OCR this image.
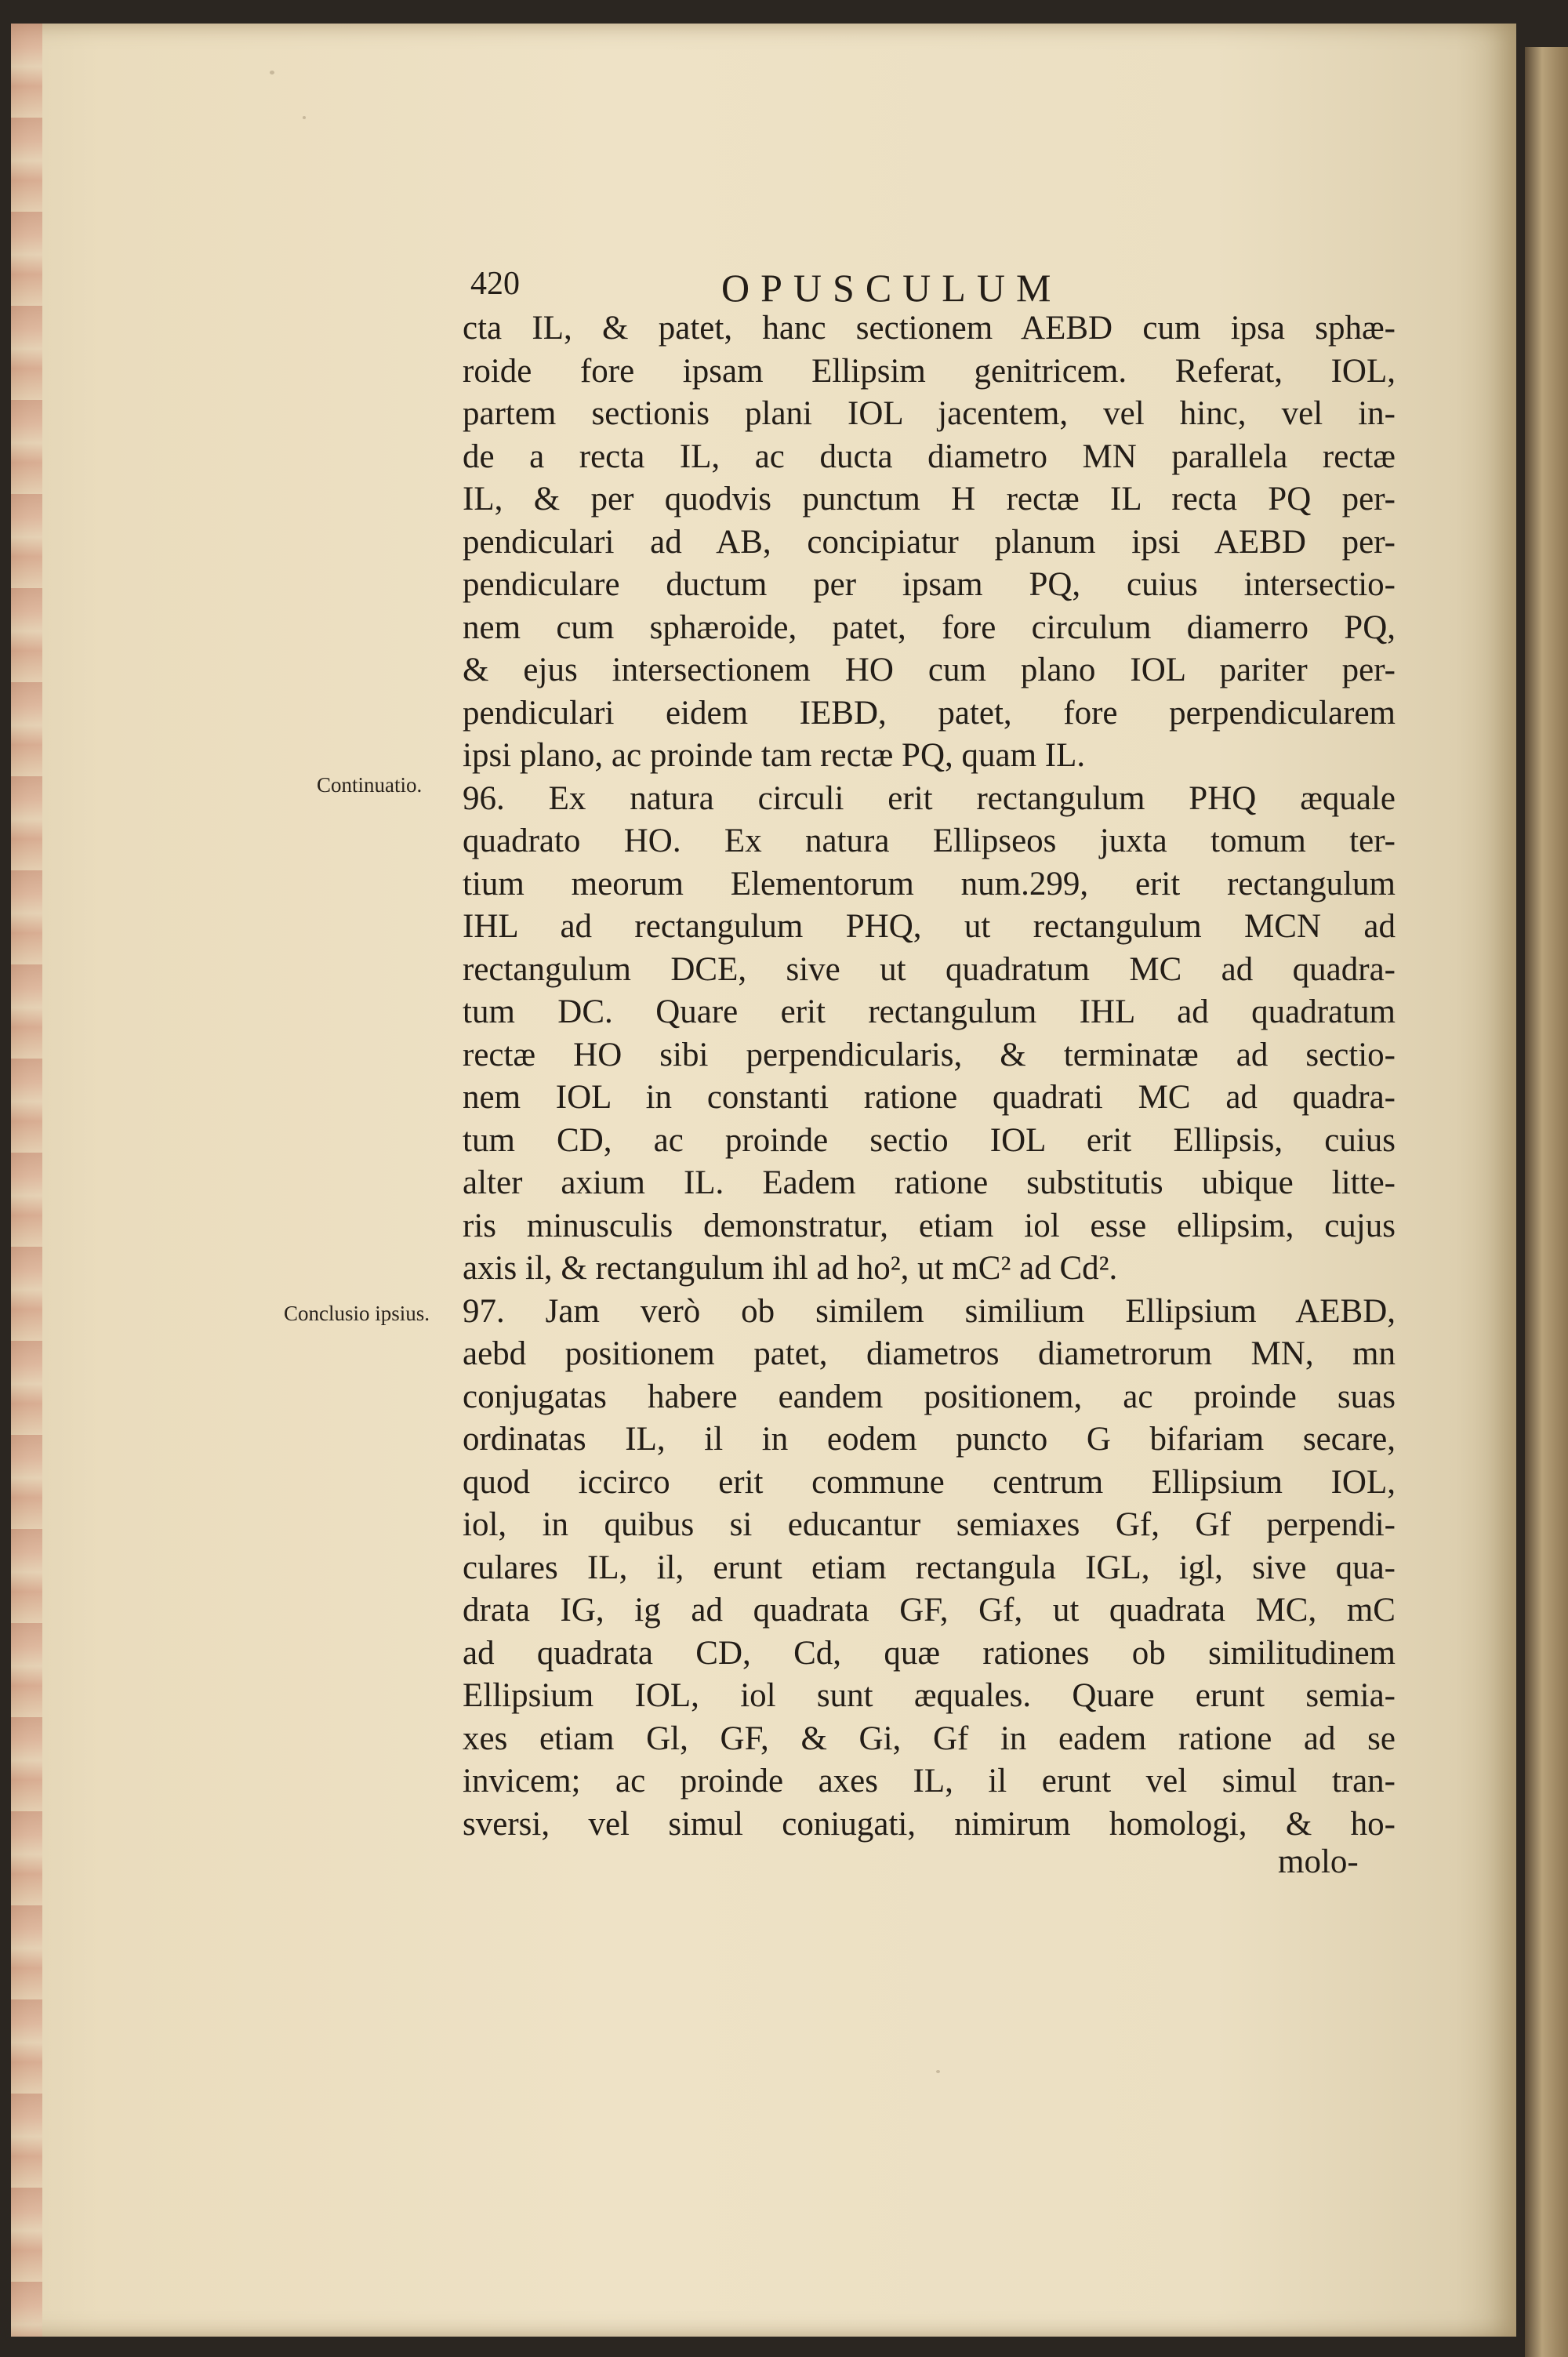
420	OPUSCULUM
Continuatio.
Conclusio ipsius.
cta IL, & patet, hanc sectionem AEBD cum ipsa sphæ-
roide fore ipsam Ellipsim genitricem. Referat, IOL,
partem sectionis plani IOL jacentem, vel hinc, vel in-
de a recta IL, ac ducta diametro MN parallela rectæ
IL, & per quodvis punctum H rectæ IL recta PQ per-
pendiculari ad AB, concipiatur planum ipsi AEBD per-
pendiculare ductum per ipsam PQ, cuius intersectio-
nem cum sphæroide, patet, fore circulum diamerro PQ,
& ejus intersectionem HO cum plano IOL pariter per-
pendiculari eidem IEBD, patet, fore perpendicularem
ipsi plano, ac proinde tam rectæ PQ, quam IL.
96. Ex natura circuli erit rectangulum PHQ æquale
quadrato HO. Ex natura Ellipseos juxta tomum ter-
tium meorum Elementorum num.299, erit rectangulum
IHL ad rectangulum PHQ, ut rectangulum MCN ad
rectangulum DCE, sive ut quadratum MC ad quadra-
tum DC. Quare erit rectangulum IHL ad quadratum
rectæ HO sibi perpendicularis, & terminatæ ad sectio-
nem IOL in constanti ratione quadrati MC ad quadra-
tum CD, ac proinde sectio IOL erit Ellipsis, cuius
alter axium IL. Eadem ratione substitutis ubique litte-
ris minusculis demonstratur, etiam iol esse ellipsim, cujus
axis il, & rectangulum ihl ad ho², ut mC² ad Cd².
97. Jam verò ob similem similium Ellipsium AEBD,
aebd positionem patet, diametros diametrorum MN, mn
conjugatas habere eandem positionem, ac proinde suas
ordinatas IL, il in eodem puncto G bifariam secare,
quod iccirco erit commune centrum Ellipsium IOL,
iol, in quibus si educantur semiaxes Gf, Gf perpendi-
culares IL, il, erunt etiam rectangula IGL, igl, sive qua-
drata IG, ig ad quadrata GF, Gf, ut quadrata MC, mC
ad quadrata CD, Cd, quæ rationes ob similitudinem
Ellipsium IOL, iol sunt æquales. Quare erunt semia-
xes etiam Gl, GF, & Gi, Gf in eadem ratione ad se
invicem; ac proinde axes IL, il erunt vel simul tran-
sversi, vel simul coniugati, nimirum homologi, & ho-
molo-
